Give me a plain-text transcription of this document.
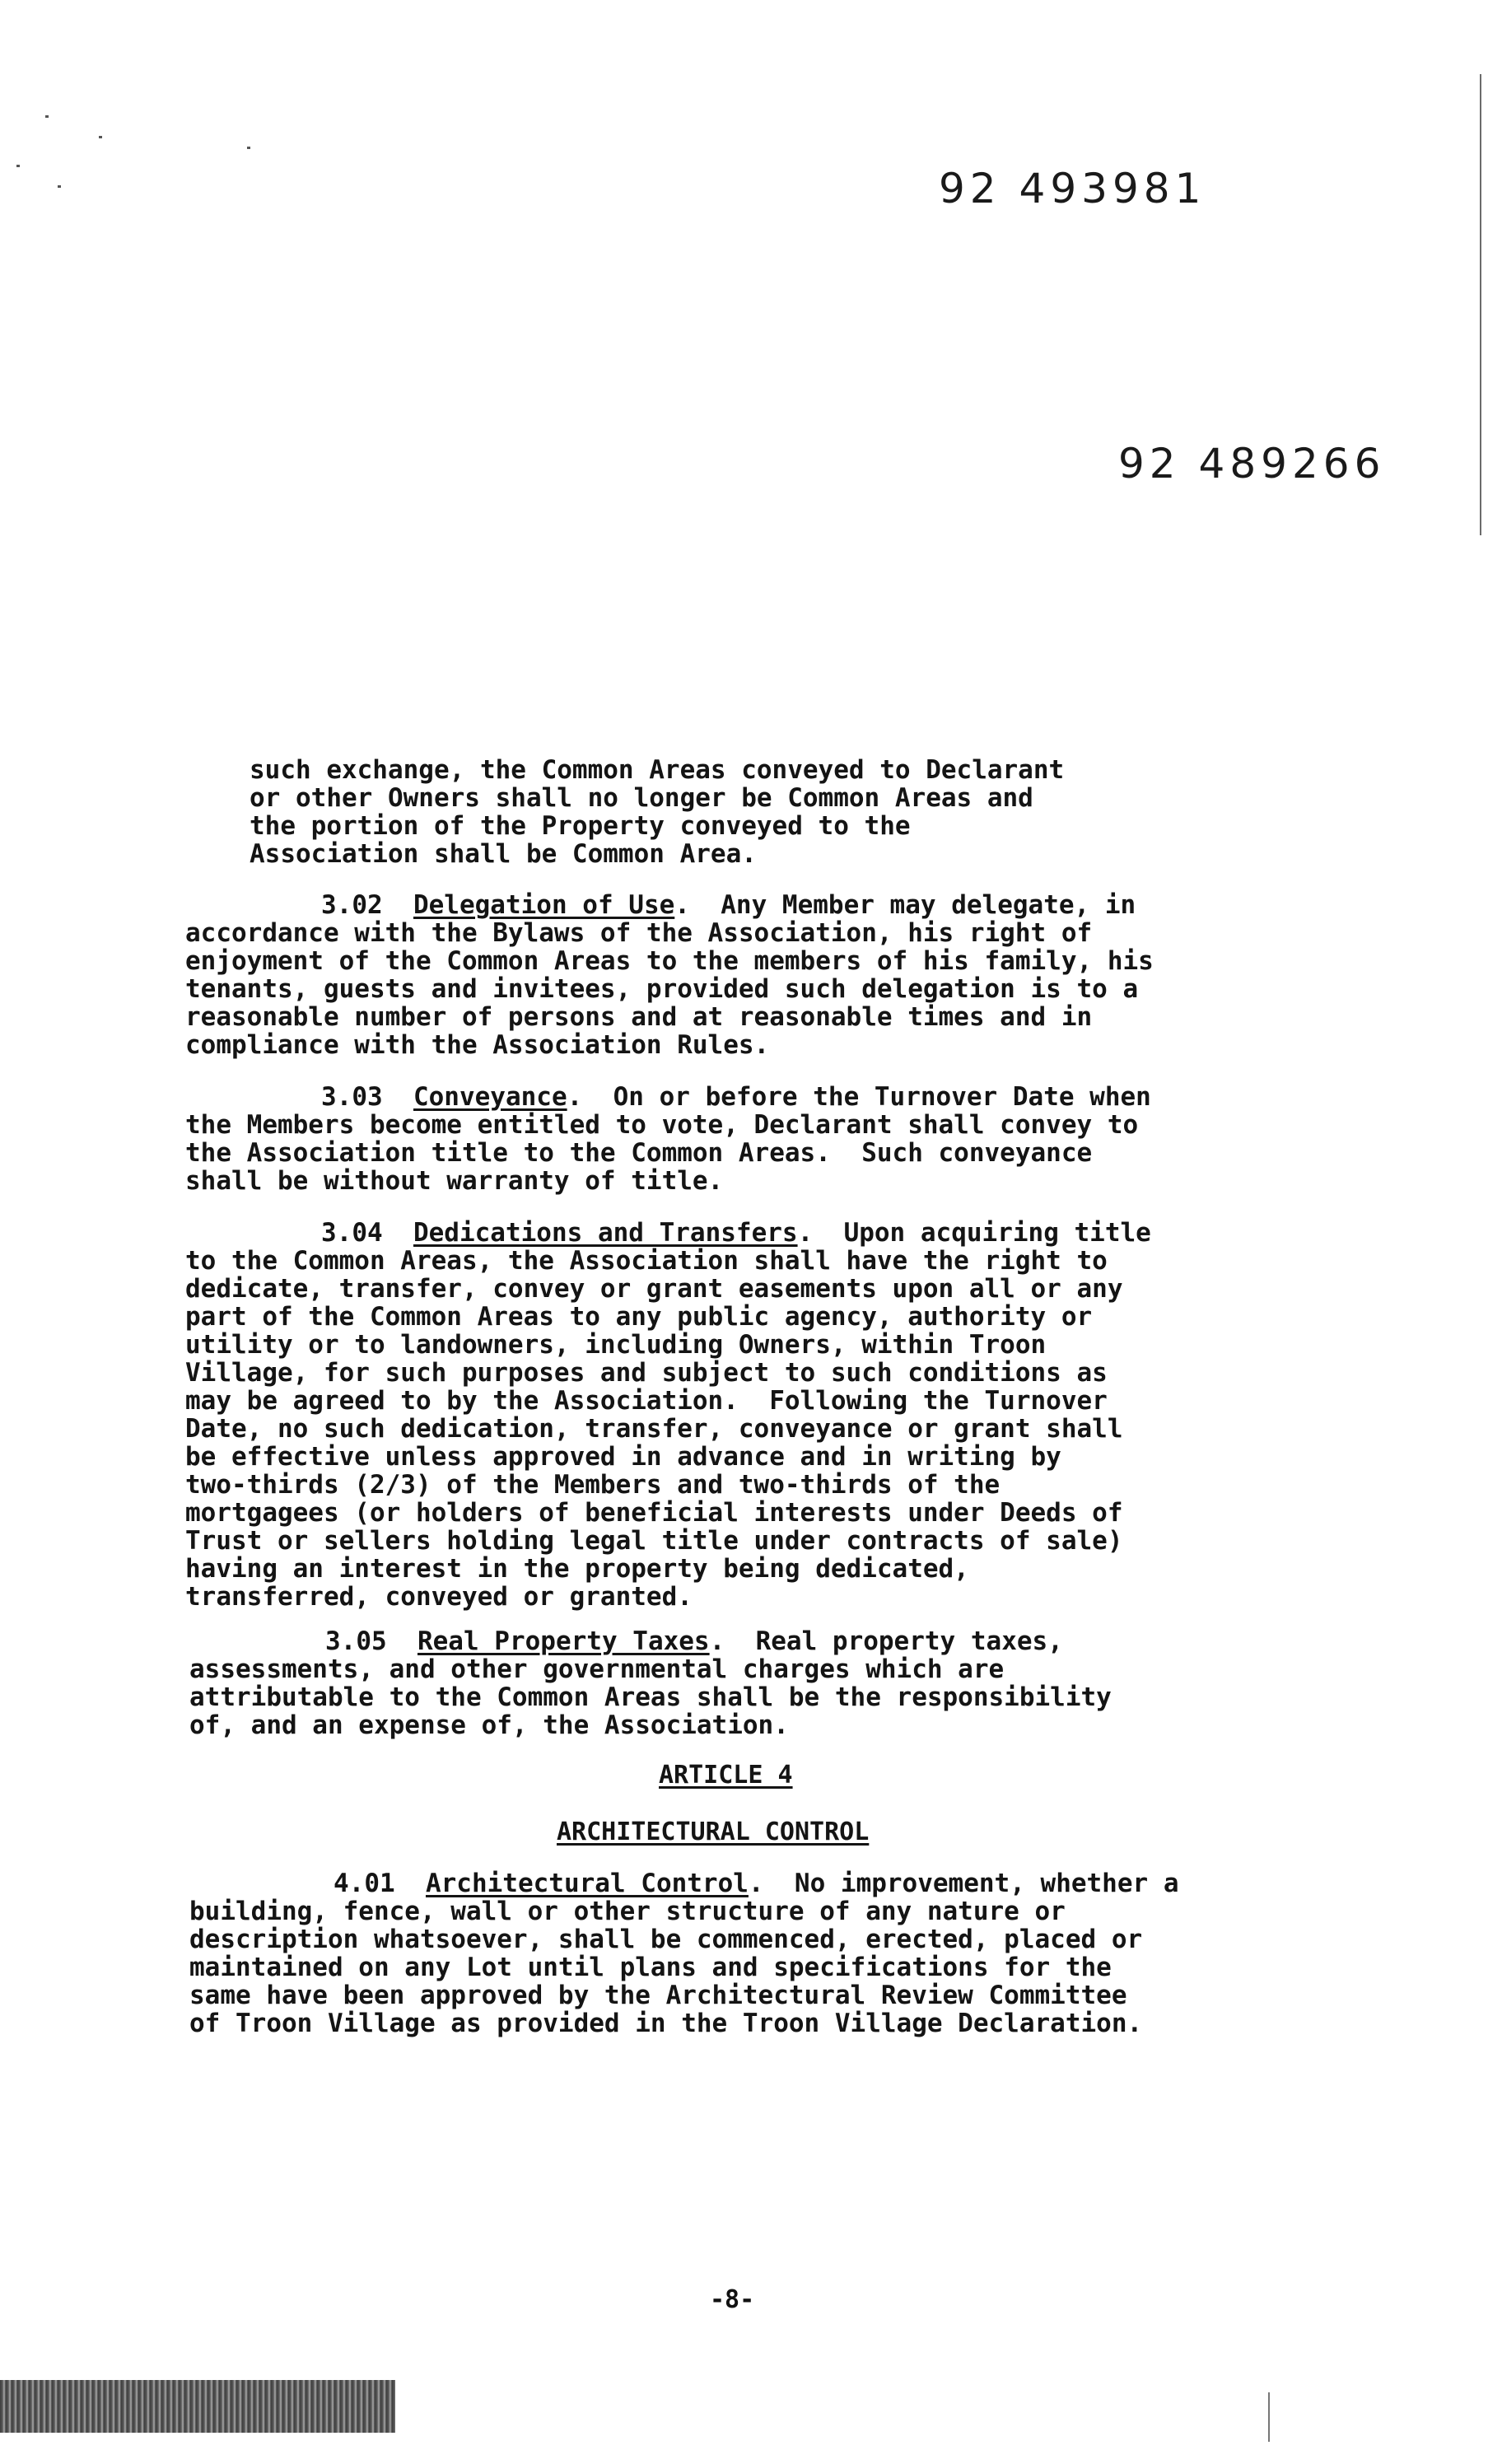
92 493981
92 489266
such exchange, the Common Areas conveyed to Declarant
or other Owners shall no longer be Common Areas and
the portion of the Property conveyed to the
Association shall be Common Area.
3.02 Delegation of Use.  Any Member may delegate, in
accordance with the Bylaws of the Association, his right of
enjoyment of the Common Areas to the members of his family, his
tenants, guests and invitees, provided such delegation is to a
reasonable number of persons and at reasonable times and in
compliance with the Association Rules.
3.03 Conveyance.  On or before the Turnover Date when
the Members become entitled to vote, Declarant shall convey to
the Association title to the Common Areas.  Such conveyance
shall be without warranty of title.
3.04 Dedications and Transfers.  Upon acquiring title
to the Common Areas, the Association shall have the right to
dedicate, transfer, convey or grant easements upon all or any
part of the Common Areas to any public agency, authority or
utility or to landowners, including Owners, within Troon
Village, for such purposes and subject to such conditions as
may be agreed to by the Association.  Following the Turnover
Date, no such dedication, transfer, conveyance or grant shall
be effective unless approved in advance and in writing by
two-thirds (2/3) of the Members and two-thirds of the
mortgagees (or holders of beneficial interests under Deeds of
Trust or sellers holding legal title under contracts of sale)
having an interest in the property being dedicated,
transferred, conveyed or granted.
3.05 Real Property Taxes.  Real property taxes,
assessments, and other governmental charges which are
attributable to the Common Areas shall be the responsibility
of, and an expense of, the Association.
ARTICLE 4
ARCHITECTURAL CONTROL
4.01 Architectural Control.  No improvement, whether a
building, fence, wall or other structure of any nature or
description whatsoever, shall be commenced, erected, placed or
maintained on any Lot until plans and specifications for the
same have been approved by the Architectural Review Committee
of Troon Village as provided in the Troon Village Declaration.
-8-
